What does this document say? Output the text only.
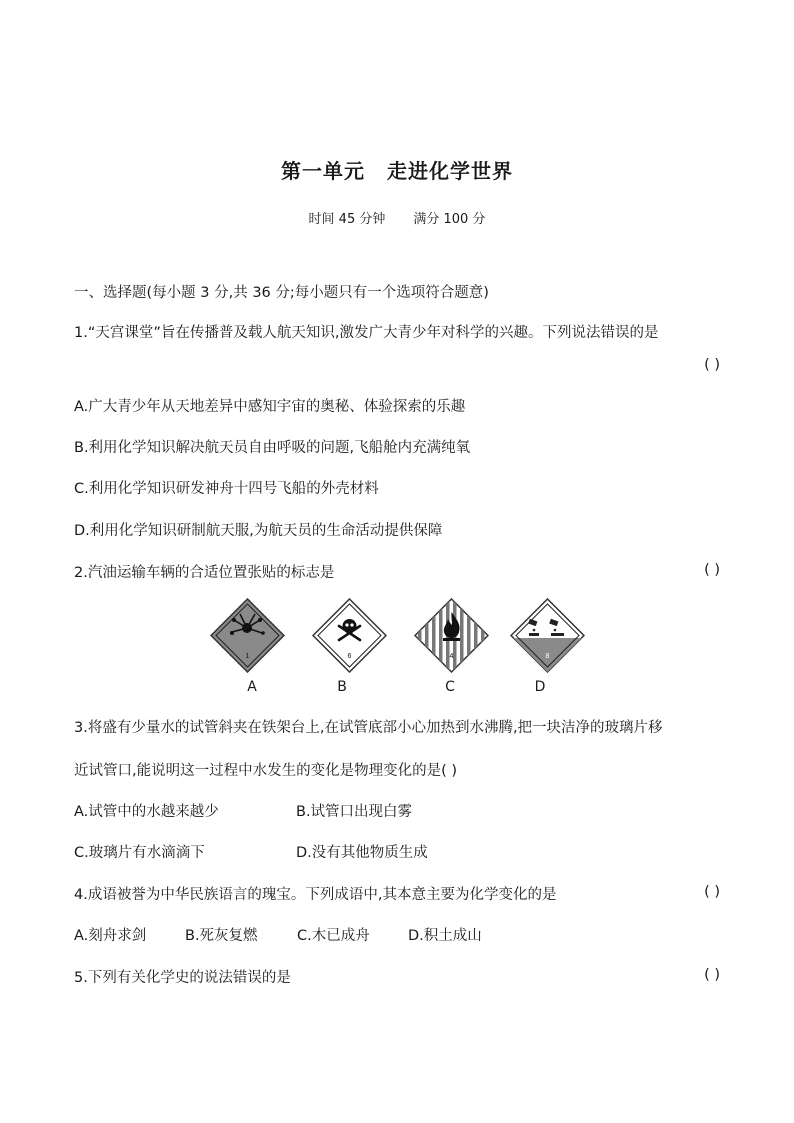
第一单元 走进化学世界
时间 45 分钟 满分 100 分
一、选择题(每小题 3 分,共 36 分;每小题只有一个选项符合题意)
1.“天宫课堂”旨在传播普及载人航天知识,激发广大青少年对科学的兴趣。下列说法错误的是
( )
A.广大青少年从天地差异中感知宇宙的奥秘、体验探索的乐趣
B.利用化学知识解决航天员自由呼吸的问题,飞船舱内充满纯氧
C.利用化学知识研发神舟十四号飞船的外壳材料
D.利用化学知识研制航天服,为航天员的生命活动提供保障
2.汽油运输车辆的合适位置张贴的标志是	( )
1	6	4	8
A	B	C	D
3.将盛有少量水的试管斜夹在铁架台上,在试管底部小心加热到水沸腾,把一块洁净的玻璃片移
近试管口,能说明这一过程中水发生的变化是物理变化的是( )
A.试管中的水越来越少	B.试管口出现白雾
C.玻璃片有水滴滴下	D.没有其他物质生成
4.成语被誉为中华民族语言的瑰宝。下列成语中,其本意主要为化学变化的是	( )
A.刻舟求剑	B.死灰复燃	C.木已成舟	D.积土成山
5.下列有关化学史的说法错误的是	( )
